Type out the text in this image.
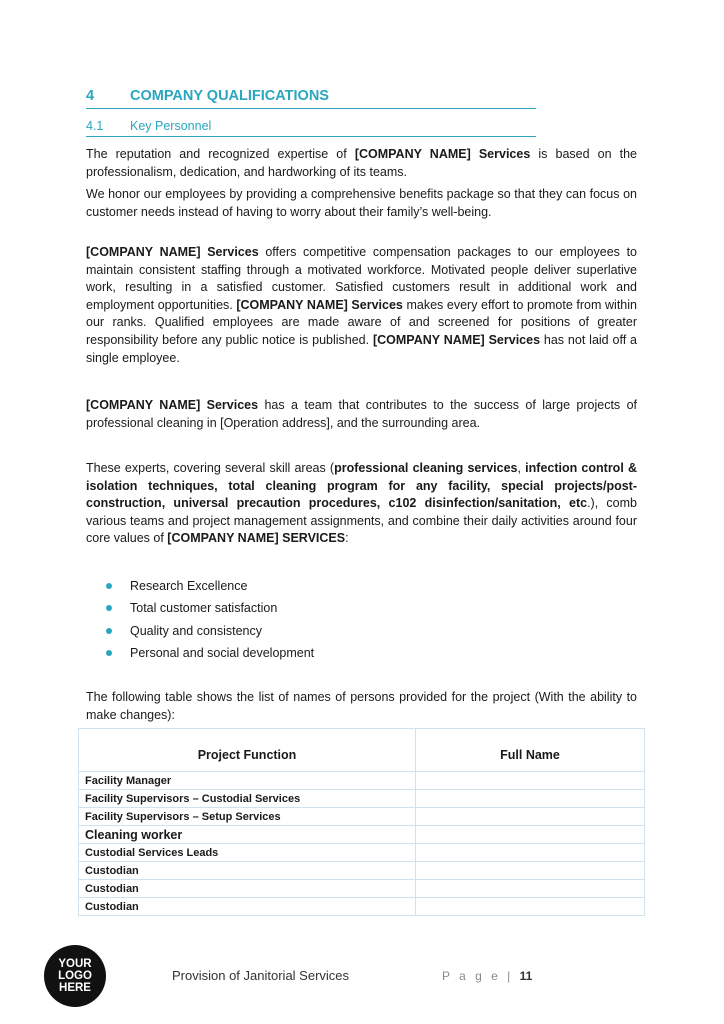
4 COMPANY QUALIFICATIONS
4.1 Key Personnel

The reputation and recognized expertise of [COMPANY NAME] Services is based on the professionalism, dedication, and hardworking of its teams.

We honor our employees by providing a comprehensive benefits package so that they can focus on customer needs instead of having to worry about their family’s well-being.

[COMPANY NAME] Services offers competitive compensation packages to our employees to maintain consistent staffing through a motivated workforce. Motivated people deliver superlative work, resulting in a satisfied customer. Satisfied customers result in additional work and employment opportunities. [COMPANY NAME] Services makes every effort to promote from within our ranks. Qualified employees are made aware of and screened for positions of greater responsibility before any public notice is published. [COMPANY NAME] Services has not laid off a single employee.

[COMPANY NAME] Services has a team that contributes to the success of large projects of professional cleaning in [Operation address], and the surrounding area.

These experts, covering several skill areas (professional cleaning services, infection control & isolation techniques, total cleaning program for any facility, special projects/post-construction, universal precaution procedures, c102 disinfection/sanitation, etc.), comb various teams and project management assignments, and combine their daily activities around four core values of [COMPANY NAME] SERVICES:

Research Excellence
Total customer satisfaction
Quality and consistency
Personal and social development

The following table shows the list of names of persons provided for the project (With the ability to make changes):

Project Function	Full Name
Facility Manager	
Facility Supervisors – Custodial Services	
Facility Supervisors – Setup Services	
Cleaning worker	
Custodial Services Leads	
Custodian	
Custodian	
Custodian	
YOUR
LOGO
HERE
Provision of Janitorial Services	P a g e | 11
